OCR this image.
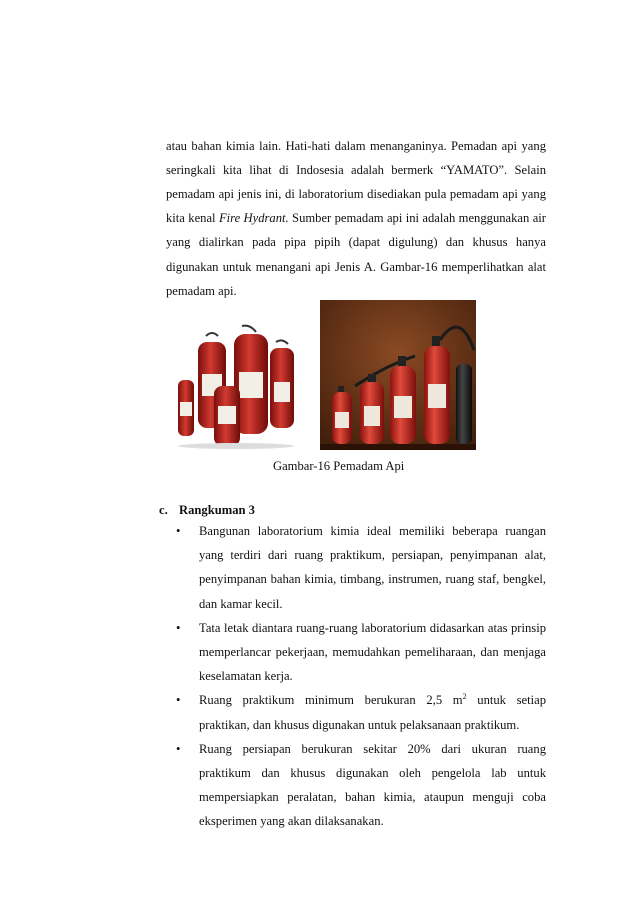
atau bahan kimia lain. Hati-hati dalam menanganinya. Pemadan api yang seringkali kita lihat di Indosesia adalah bermerk “YAMATO”. Selain pemadam api jenis ini, di laboratorium disediakan pula pemadam api yang kita kenal Fire Hydrant. Sumber pemadam api ini adalah menggunakan air yang dialirkan pada pipa pipih (dapat digulung) dan khusus hanya digunakan untuk menangani api Jenis A. Gambar-16 memperlihatkan alat pemadam api.

Gambar-16 Pemadam Api
c. Rangkuman 3
• Bangunan laboratorium kimia ideal memiliki beberapa ruangan yang terdiri dari ruang praktikum, persiapan, penyimpanan alat, penyimpanan bahan kimia, timbang, instrumen, ruang staf, bengkel, dan kamar kecil.
• Tata letak diantara ruang-ruang laboratorium didasarkan atas prinsip memperlancar pekerjaan, memudahkan pemeliharaan, dan menjaga keselamatan kerja.
• Ruang praktikum minimum berukuran 2,5 $m^2$ untuk setiap praktikan, dan khusus digunakan untuk pelaksanaan praktikum.
• Ruang persiapan berukuran sekitar 20% dari ukuran ruang praktikum dan khusus digunakan oleh pengelola lab untuk mempersiapkan peralatan, bahan kimia, ataupun menguji coba eksperimen yang akan dilaksanakan.
